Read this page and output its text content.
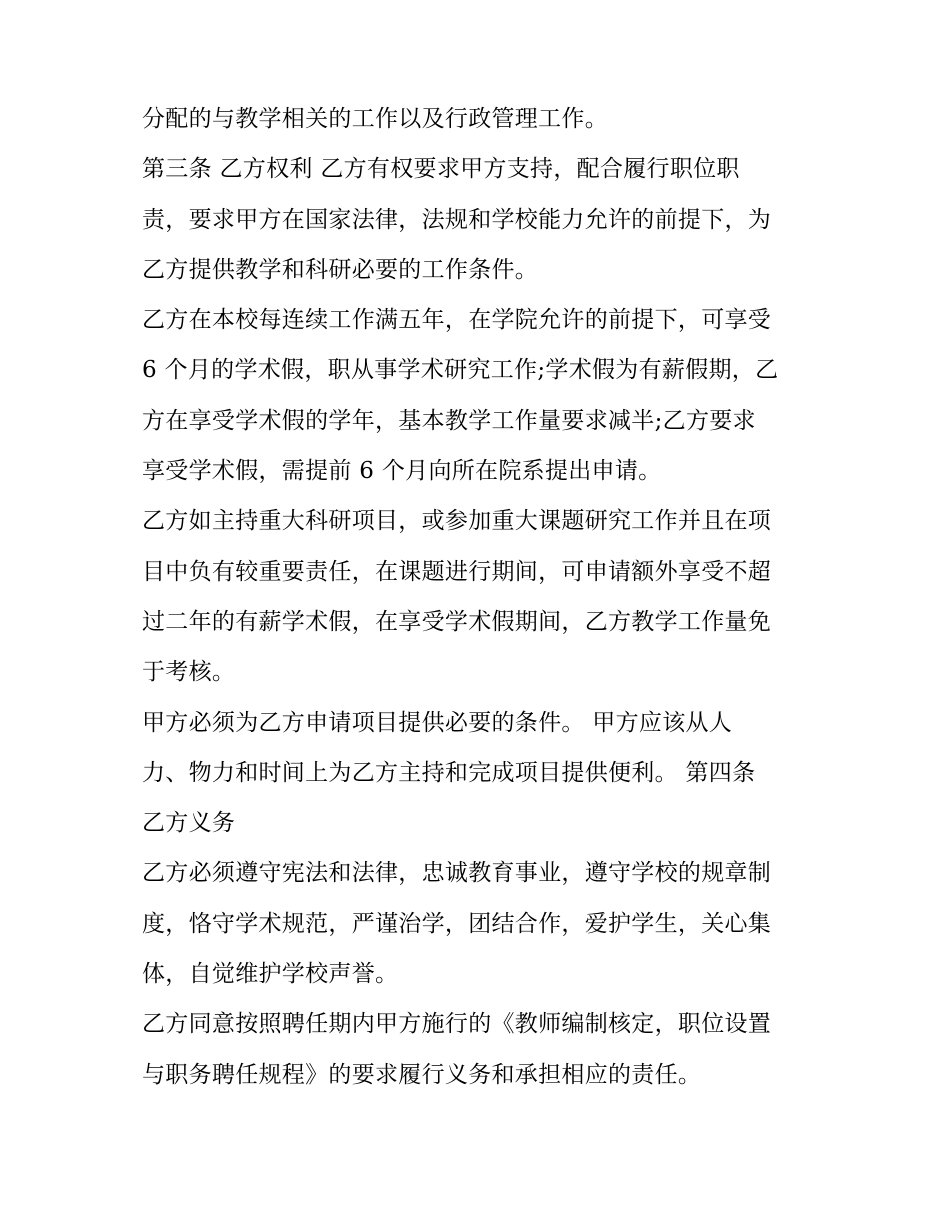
分配的与教学相关的工作以及行政管理工作。
第三条 乙方权利 乙方有权要求甲方支持，配合履行职位职
责，要求甲方在国家法律，法规和学校能力允许的前提下，为
乙方提供教学和科研必要的工作条件。
乙方在本校每连续工作满五年，在学院允许的前提下，可享受
6 个月的学术假，职从事学术研究工作;学术假为有薪假期，乙
方在享受学术假的学年，基本教学工作量要求减半;乙方要求
享受学术假，需提前 6 个月向所在院系提出申请。
乙方如主持重大科研项目，或参加重大课题研究工作并且在项
目中负有较重要责任，在课题进行期间，可申请额外享受不超
过二年的有薪学术假，在享受学术假期间，乙方教学工作量免
于考核。
甲方必须为乙方申请项目提供必要的条件。 甲方应该从人
力、物力和时间上为乙方主持和完成项目提供便利。 第四条
乙方义务
乙方必须遵守宪法和法律，忠诚教育事业，遵守学校的规章制
度，恪守学术规范，严谨治学，团结合作，爱护学生，关心集
体，自觉维护学校声誉。
乙方同意按照聘任期内甲方施行的《教师编制核定，职位设置
与职务聘任规程》的要求履行义务和承担相应的责任。
